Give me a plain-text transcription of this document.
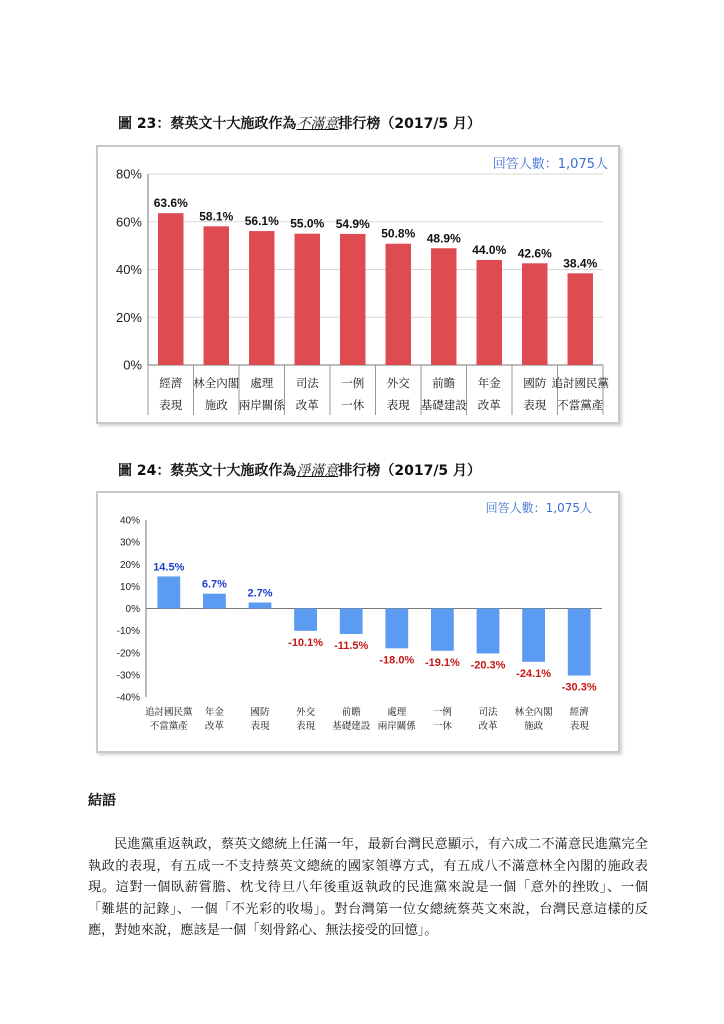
圖 23：蔡英文十大施政作為不滿意排行榜（2017/5 月）
0%
20%
40%
60%
80%
63.6%
58.1% 56.1% 55.0% 54.9%
50.8% 48.9%
44.0% 42.6%
38.4%
經濟
表現
林全內閣
施政
處理
兩岸關係
司法
改革
一例
一休
外交
表現
前瞻
基礎建設
年金
改革
國防
表現
追討國民黨
不當黨產
回答人數：1,075人
圖 24：蔡英文十大施政作為淨滿意排行榜（2017/5 月）
40%
30%
20%
10%
0%
-10%
-20%
-30%
-40%
14.5%
6.7%
2.7%
-10.1% -11.5%
-18.0% -19.1% -20.3%
-24.1%
-30.3%
追討國民黨
不當黨產
年金
改革
國防
表現
外交
表現
前瞻
基礎建設
處理
兩岸關係
一例
一休
司法
改革
林全內閣
施政
經濟
表現
回答人數：1,075人
結語

民進黨重返執政，蔡英文總統上任滿一年，最新台灣民意顯示，有六成二不滿意民進黨完全執政的表現，有五成一不支持蔡英文總統的國家領導方式，有五成八不滿意林全內閣的施政表現。這對一個臥薪嘗膽、枕戈待旦八年後重返執政的民進黨來說是一個「意外的挫敗」、一個「難堪的記錄」、一個「不光彩的收場」。對台灣第一位女總統蔡英文來說，台灣民意這樣的反應，對她來說，應該是一個「刻骨銘心、無法接受的回憶」。
